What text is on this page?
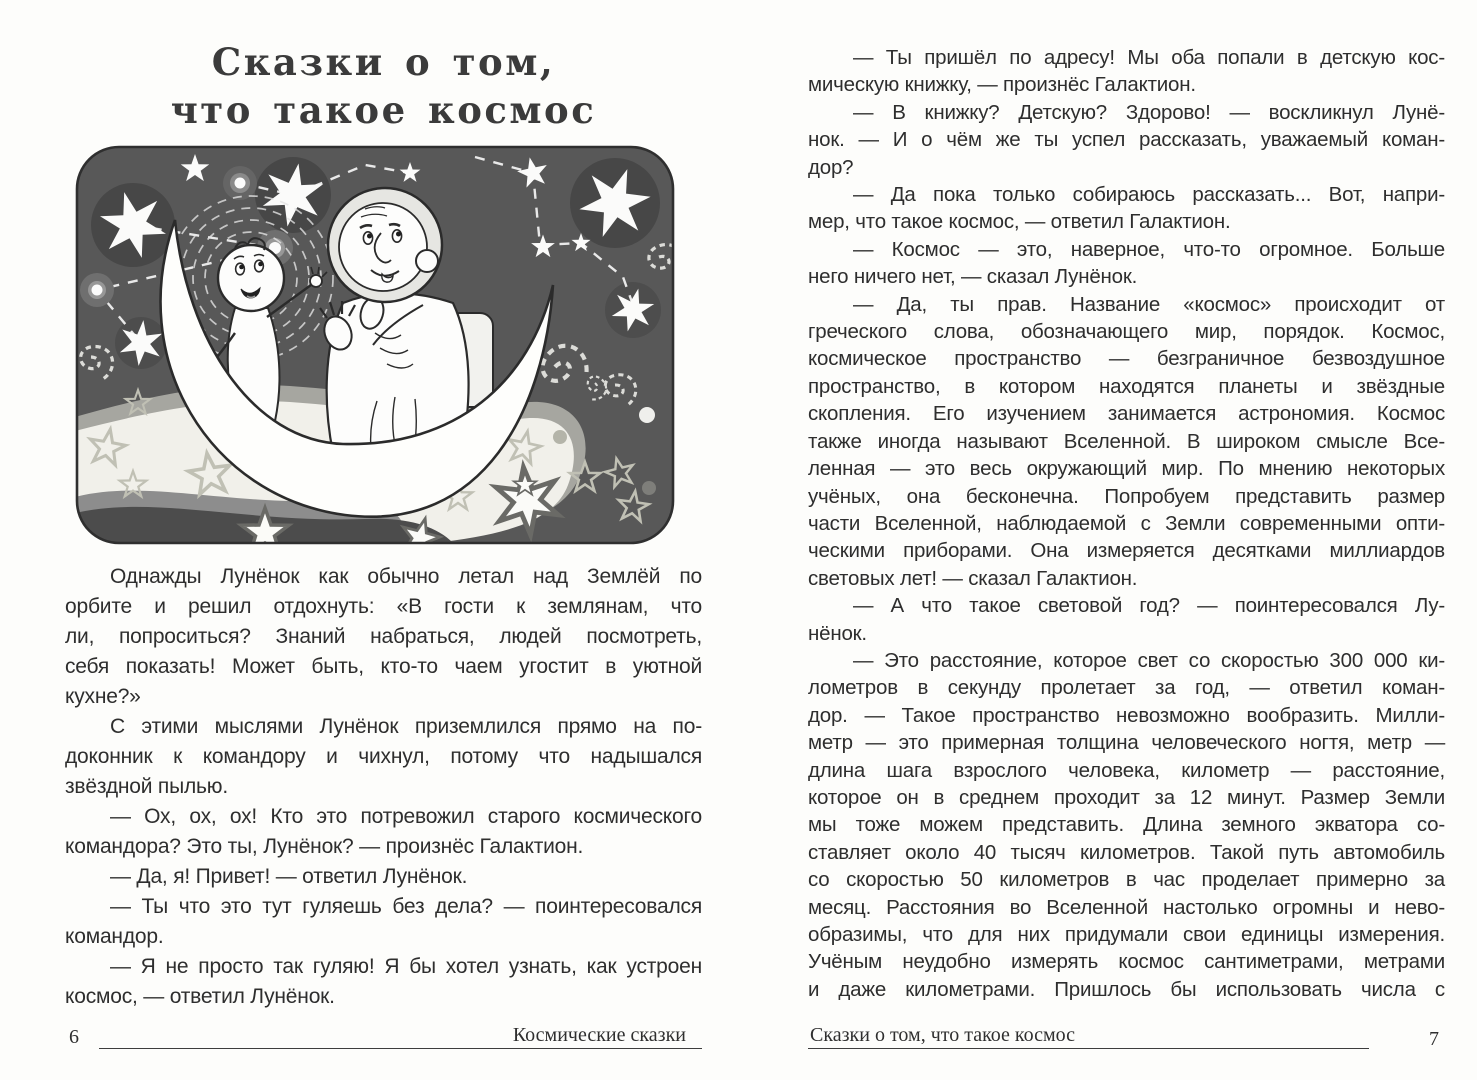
Сказки о том,
что такое космос
Однажды Лунёнок как обычно летал над Землёй по
орбите и решил отдохнуть: «В гости к землянам, что
ли, попроситься? Знаний набраться, людей посмотреть,
себя показать! Может быть, кто-то чаем угостит в уютной
кухне?»
С этими мыслями Лунёнок приземлился прямо на по-
доконник к командору и чихнул, потому что надышался
звёздной пылью.
— Ох, ох, ох! Кто это потревожил старого космического
командора? Это ты, Лунёнок? — произнёс Галактион.
— Да, я! Привет! — ответил Лунёнок.
— Ты что это тут гуляешь без дела? — поинтересовался
командор.
— Я не просто так гуляю! Я бы хотел узнать, как устроен
космос, — ответил Лунёнок.
6	Космические сказки
— Ты пришёл по адресу! Мы оба попали в детскую кос-
мическую книжку, — произнёс Галактион.
— В книжку? Детскую? Здорово! — воскликнул Лунё-
нок. — И о чём же ты успел рассказать, уважаемый коман-
дор?
— Да пока только собираюсь рассказать... Вот, напри-
мер, что такое космос, — ответил Галактион.
— Космос — это, наверное, что-то огромное. Больше
него ничего нет, — сказал Лунёнок.
— Да, ты прав. Название «космос» происходит от
греческого слова, обозначающего мир, порядок. Космос,
космическое пространство — безграничное безвоздушное
пространство, в котором находятся планеты и звёздные
скопления. Его изучением занимается астрономия. Космос
также иногда называют Вселенной. В широком смысле Все-
ленная — это весь окружающий мир. По мнению некоторых
учёных, она бесконечна. Попробуем представить размер
части Вселенной, наблюдаемой с Земли современными опти-
ческими приборами. Она измеряется десятками миллиардов
световых лет! — сказал Галактион.
— А что такое световой год? — поинтересовался Лу-
нёнок.
— Это расстояние, которое свет со скоростью 300 000 ки-
лометров в секунду пролетает за год, — ответил коман-
дор. — Такое пространство невозможно вообразить. Милли-
метр — это примерная толщина человеческого ногтя, метр —
длина шага взрослого человека, километр — расстояние,
которое он в среднем проходит за 12 минут. Размер Земли
мы тоже можем представить. Длина земного экватора со-
ставляет около 40 тысяч километров. Такой путь автомобиль
со скоростью 50 километров в час проделает примерно за
месяц. Расстояния во Вселенной настолько огромны и нево-
образимы, что для них придумали свои единицы измерения.
Учёным неудобно измерять космос сантиметрами, метрами
и даже километрами. Пришлось бы использовать числа с
Сказки о том, что такое космос	7
